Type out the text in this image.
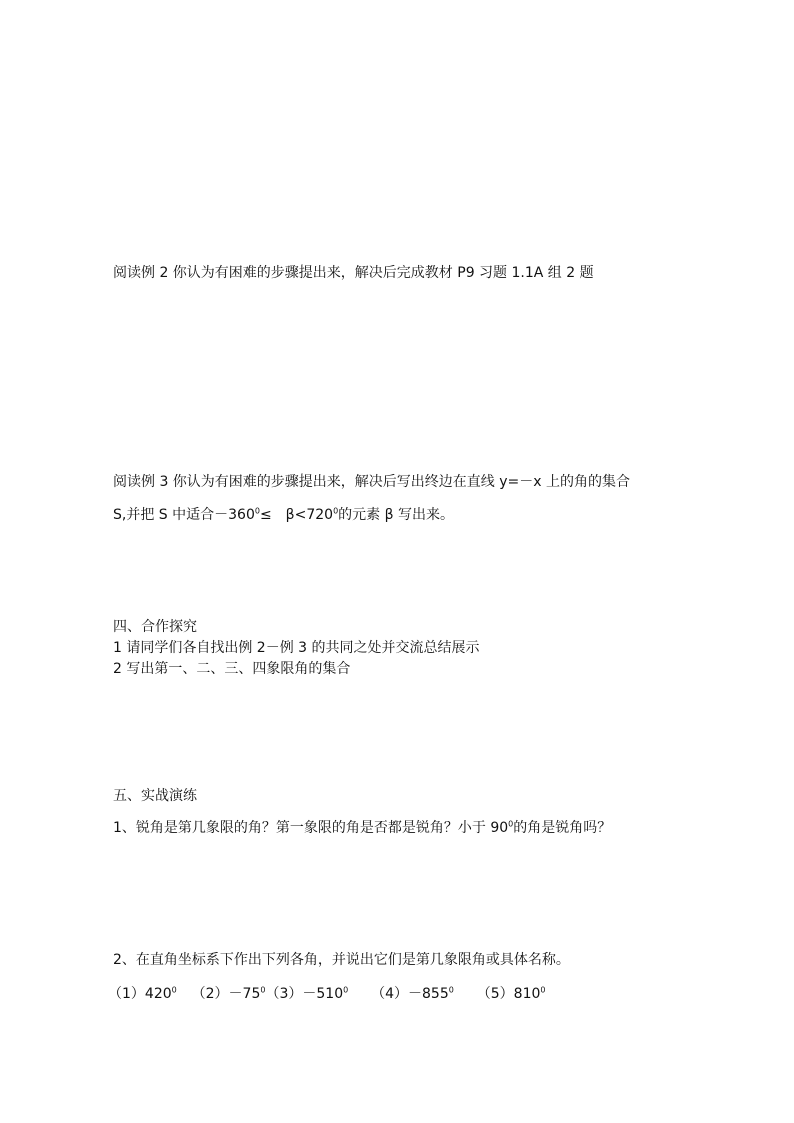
阅读例 2 你认为有困难的步骤提出来，解决后完成教材 P9 习题 1.1A 组 2 题
阅读例 3 你认为有困难的步骤提出来，解决后写出终边在直线 y=－x 上的角的集合
S,并把 S 中适合$-360^0\le$　$\beta<720^0$的元素 β 写出来。
四、合作探究
1 请同学们各自找出例 2－例 3 的共同之处并交流总结展示
2 写出第一、二、三、四象限角的集合
五、实战演练
1、锐角是第几象限的角？第一象限的角是否都是锐角？小于 $90^0$的角是锐角吗？
2、在直角坐标系下作出下列各角，并说出它们是第几象限角或具体名称。
$(1)420^0$ $(2)-75^0(3)-510^0$ $(4)-855^0$ $(5)810^0$
